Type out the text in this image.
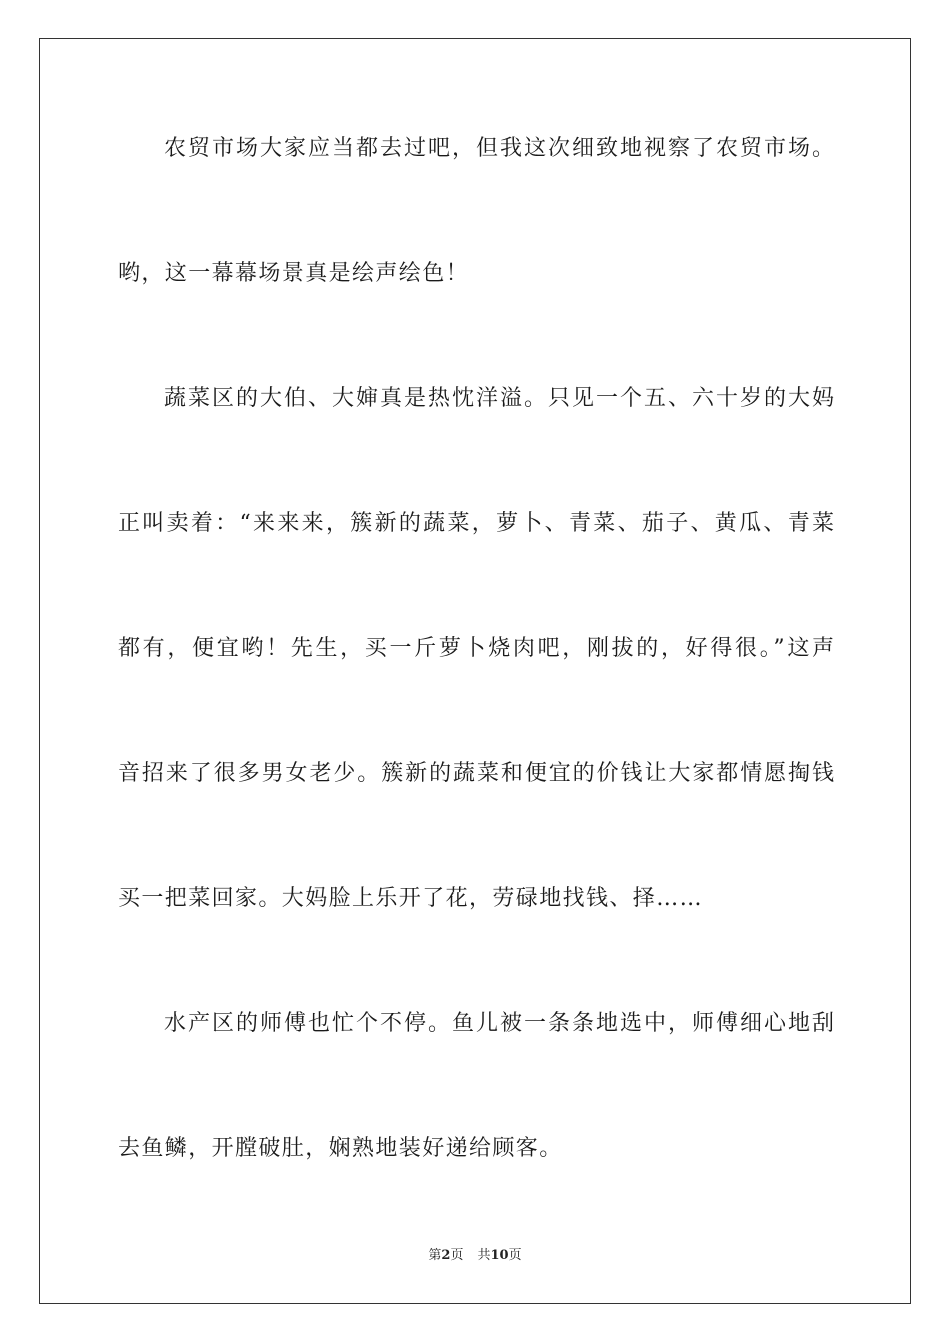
农贸市场大家应当都去过吧，但我这次细致地视察了农贸市场。
哟，这一幕幕场景真是绘声绘色！
蔬菜区的大伯、大婶真是热忱洋溢。只见一个五、六十岁的大妈
正叫卖着：“来来来，簇新的蔬菜，萝卜、青菜、茄子、黄瓜、青菜
都有，便宜哟！先生，买一斤萝卜烧肉吧，刚拔的，好得很。”这声
音招来了很多男女老少。簇新的蔬菜和便宜的价钱让大家都情愿掏钱
买一把菜回家。大妈脸上乐开了花，劳碌地找钱、择……
水产区的师傅也忙个不停。鱼儿被一条条地选中，师傅细心地刮
去鱼鳞，开膛破肚，娴熟地装好递给顾客。
第2页 共10页
